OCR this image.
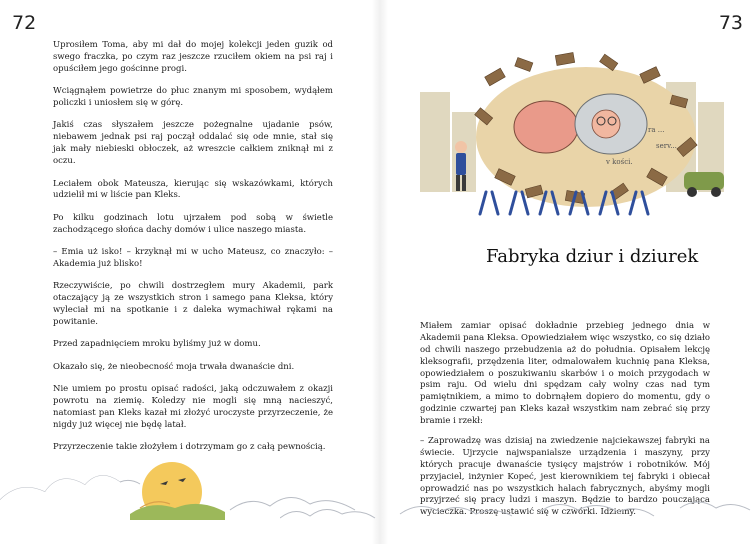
72	73

Uprosiłem Toma, aby mi dał do mojej kolekcji jeden guzik od swego fraczka, po czym raz jeszcze rzuciłem okiem na psi raj i opuściłem jego gościnne progi.

Wciągnąłem powietrze do płuc znanym mi sposobem, wydąłem policzki i uniosłem się w górę.

Jakiś czas słyszałem jeszcze pożegnalne ujadanie psów, niebawem jednak psi raj począł oddalać się ode mnie, stał się jak mały niebieski obłoczek, aż wreszcie całkiem zniknął mi z oczu.

Leciałem obok Mateusza, kierując się wskazówkami, których udzielił mi w liście pan Kleks.

Po kilku godzinach lotu ujrzałem pod sobą w świetle zachodzącego słońca dachy domów i ulice naszego miasta.

– Emia uż isko! – krzyknął mi w ucho Mateusz, co znaczyło: – Akademia już blisko!

Rzeczywiście, po chwili dostrzegłem mury Akademii, park otaczający ją ze wszystkich stron i samego pana Kleksa, który wyleciał mi na spotkanie i z daleka wymachiwał rękami na powitanie.

Przed zapadnięciem mroku byliśmy już w domu.

Okazało się, że nieobecność moja trwała dwanaście dni.

Nie umiem po prostu opisać radości, jaką odczuwałem z okazji powrotu na ziemię. Koledzy nie mogli się mną nacieszyć, natomiast pan Kleks kazał mi złożyć uroczyste przyrzeczenie, że nigdy już więcej nie będę latał.

Przyrzeczenie takie złożyłem i dotrzymam go z całą pewnością.

ra ...
serv...
v kości.
Fabryka dziur i dziurek

Miałem zamiar opisać dokładnie przebieg jednego dnia w Akademii pana Kleksa. Opowiedziałem więc wszystko, co się działo od chwili naszego przebudzenia aż do południa. Opisałem lekcję kleksografii, przędzenia liter, odmalowałem kuchnię pana Kleksa, opowiedziałem o poszukiwaniu skarbów i o moich przygodach w psim raju. Od wielu dni spędzam cały wolny czas nad tym pamiętnikiem, a mimo to dobrnąłem dopiero do momentu, gdy o godzinie czwartej pan Kleks kazał wszystkim nam zebrać się przy bramie i rzekł:

– Zaprowadzę was dzisiaj na zwiedzenie najciekawszej fabryki na świecie. Ujrzycie najwspanialsze urządzenia i maszyny, przy których pracuje dwanaście tysięcy majstrów i robotników. Mój przyjaciel, inżynier Kopeć, jest kierownikiem tej fabryki i obiecał oprowadzić nas po wszystkich halach fabrycznych, abyśmy mogli przyjrzeć się pracy ludzi i maszyn. Będzie to bardzo pouczająca wycieczka. Proszę ustawić się w czwórki. Idziemy.
